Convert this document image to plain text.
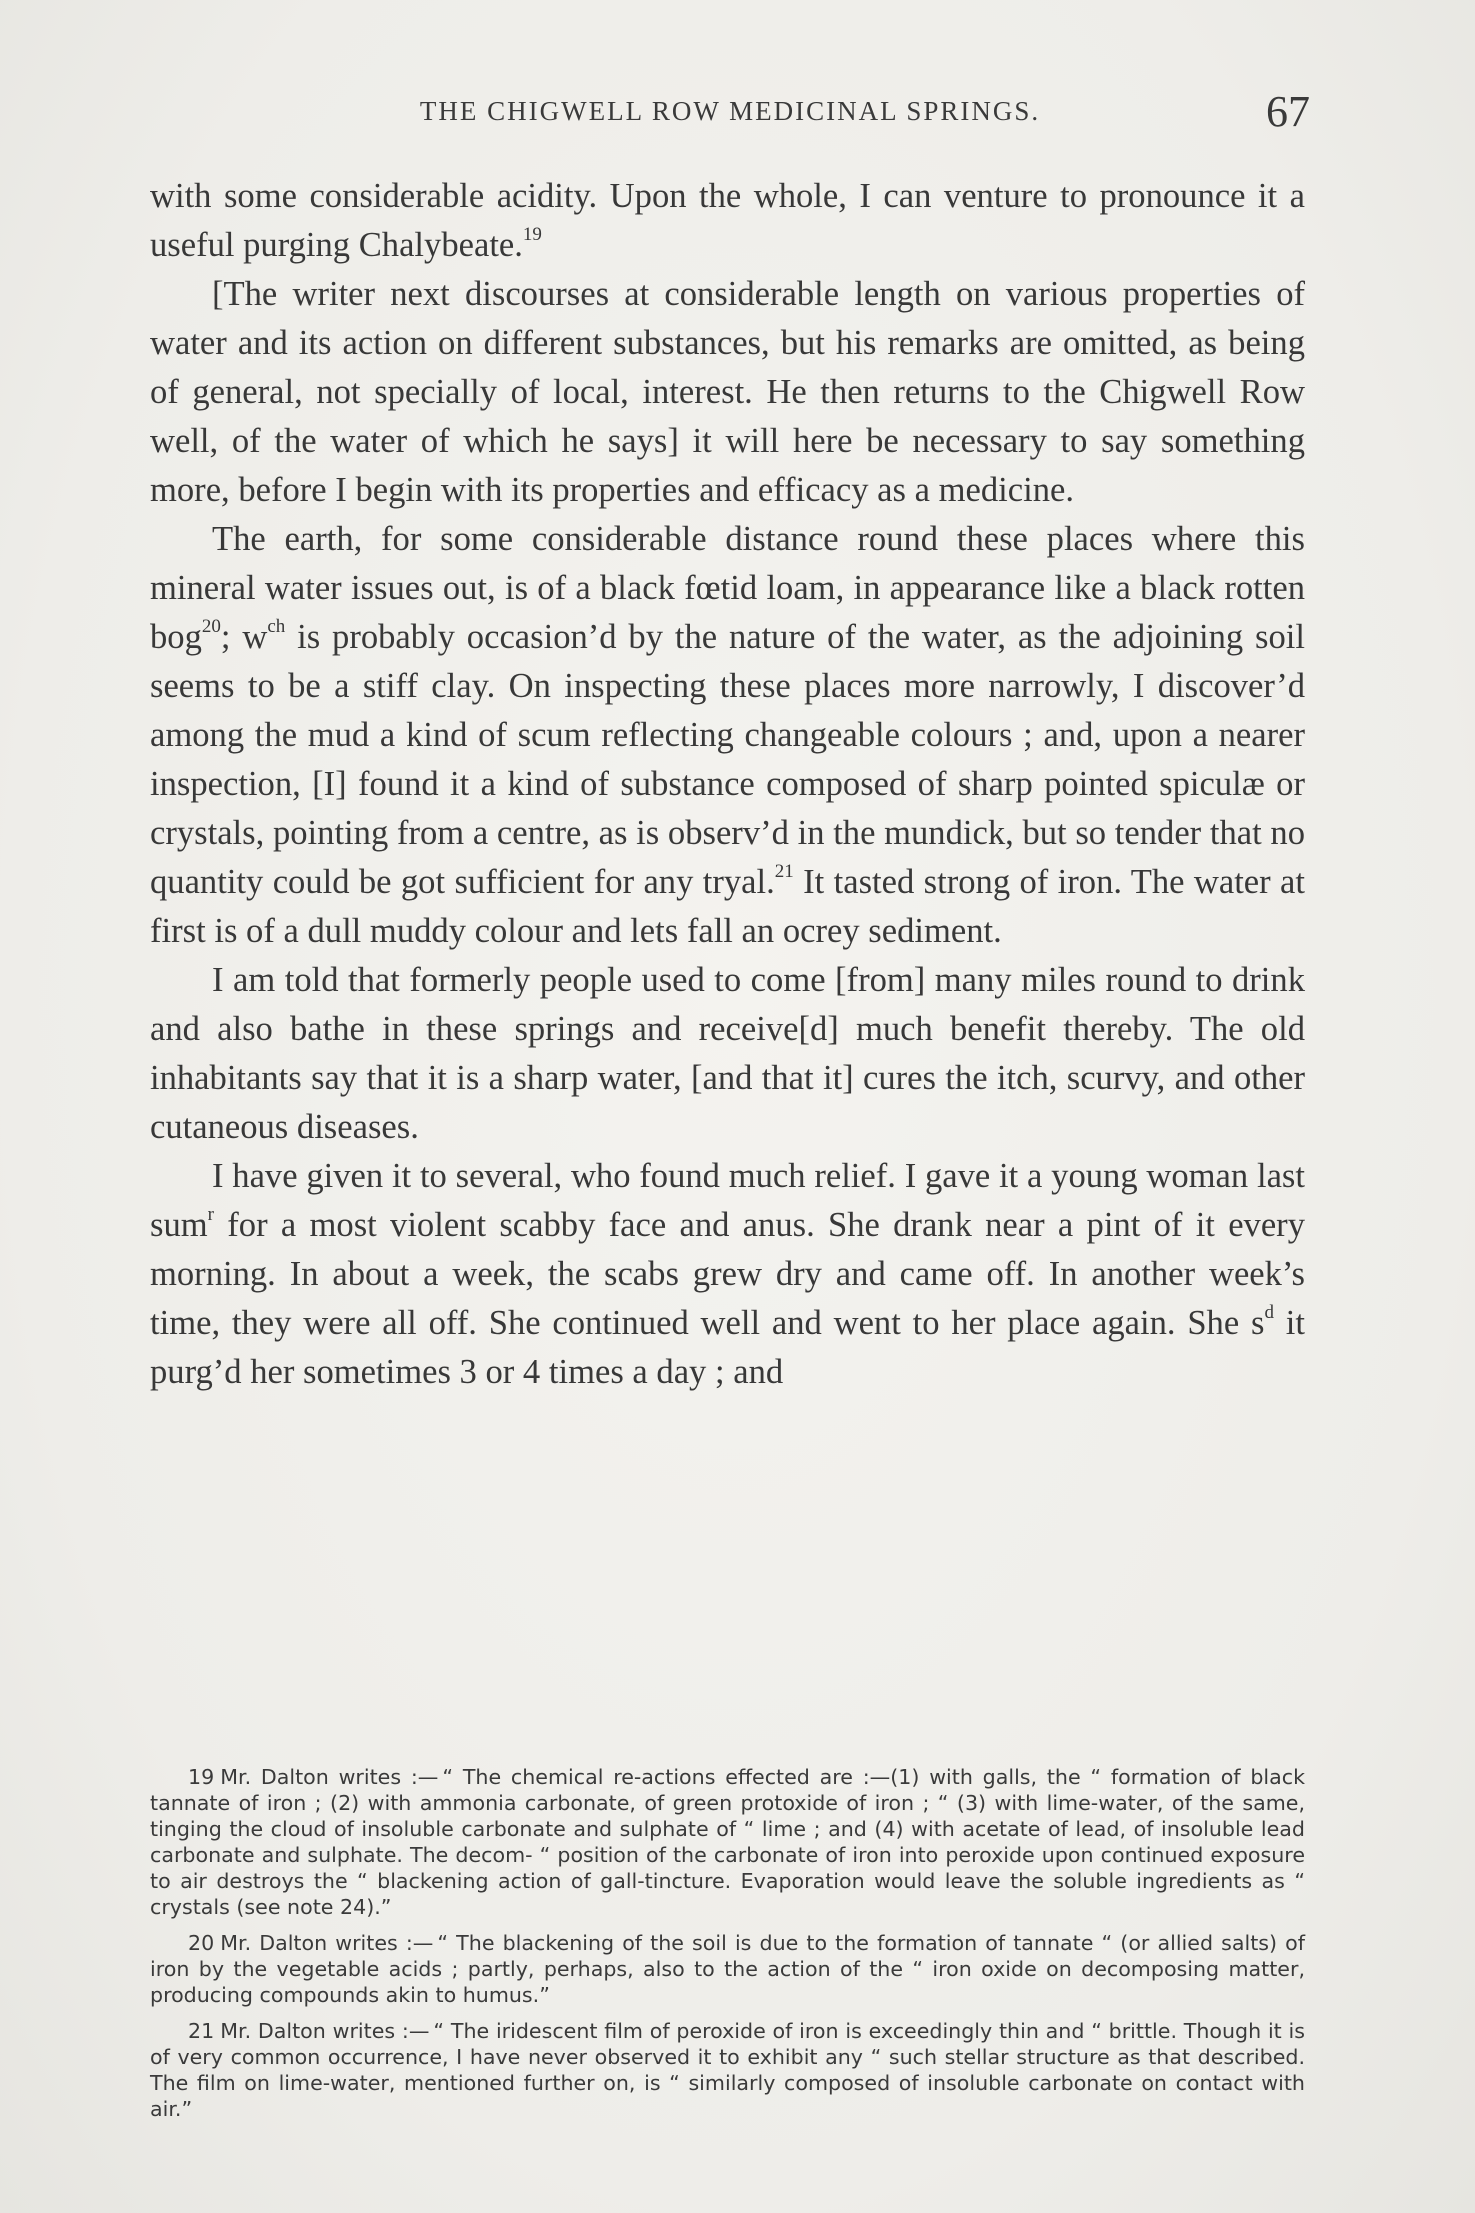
THE CHIGWELL ROW MEDICINAL SPRINGS.	67

with some considerable acidity. Upon the whole, I can venture to pronounce it a useful purging Chalybeate.$^{19}$

[The writer next discourses at considerable length on various properties of water and its action on different substances, but his remarks are omitted, as being of general, not specially of local, interest. He then returns to the Chigwell Row well, of the water of which he says] it will here be necessary to say something more, before I begin with its properties and efficacy as a medicine.

The earth, for some considerable distance round these places where this mineral water issues out, is of a black fœtid loam, in appearance like a black rotten bog$^{20}$; $w^{ch}$ is probably occasion’d by the nature of the water, as the adjoining soil seems to be a stiff clay. On inspecting these places more narrowly, I discover’d among the mud a kind of scum reflecting changeable colours ; and, upon a nearer inspection, [I] found it a kind of substance composed of sharp pointed spiculæ or crystals, pointing from a centre, as is observ’d in the mundick, but so tender that no quantity could be got sufficient for any tryal.$^{21}$ It tasted strong of iron. The water at first is of a dull muddy colour and lets fall an ocrey sediment.

I am told that formerly people used to come [from] many miles round to drink and also bathe in these springs and receive[d] much benefit thereby. The old inhabitants say that it is a sharp water, [and that it] cures the itch, scurvy, and other cutaneous diseases.

I have given it to several, who found much relief. I gave it a young woman last sum$^r$ for a most violent scabby face and anus. She drank near a pint of it every morning. In about a week, the scabs grew dry and came off. In another week’s time, they were all off. She continued well and went to her place again. She $s^d$ it purg’d her sometimes 3 or 4 times a day ; and

19 Mr. Dalton writes :— “ The chemical re-actions effected are :—(1) with galls, the “ formation of black tannate of iron ; (2) with ammonia carbonate, of green protoxide of iron ; “ (3) with lime-water, of the same, tinging the cloud of insoluble carbonate and sulphate of “ lime ; and (4) with acetate of lead, of insoluble lead carbonate and sulphate. The decom- “ position of the carbonate of iron into peroxide upon continued exposure to air destroys the “ blackening action of gall-tincture. Evaporation would leave the soluble ingredients as “ crystals (see note 24).”

20 Mr. Dalton writes :— “ The blackening of the soil is due to the formation of tannate “ (or allied salts) of iron by the vegetable acids ; partly, perhaps, also to the action of the “ iron oxide on decomposing matter, producing compounds akin to humus.”

21 Mr. Dalton writes :— “ The iridescent film of peroxide of iron is exceedingly thin and “ brittle. Though it is of very common occurrence, I have never observed it to exhibit any “ such stellar structure as that described. The film on lime-water, mentioned further on, is “ similarly composed of insoluble carbonate on contact with air.”
